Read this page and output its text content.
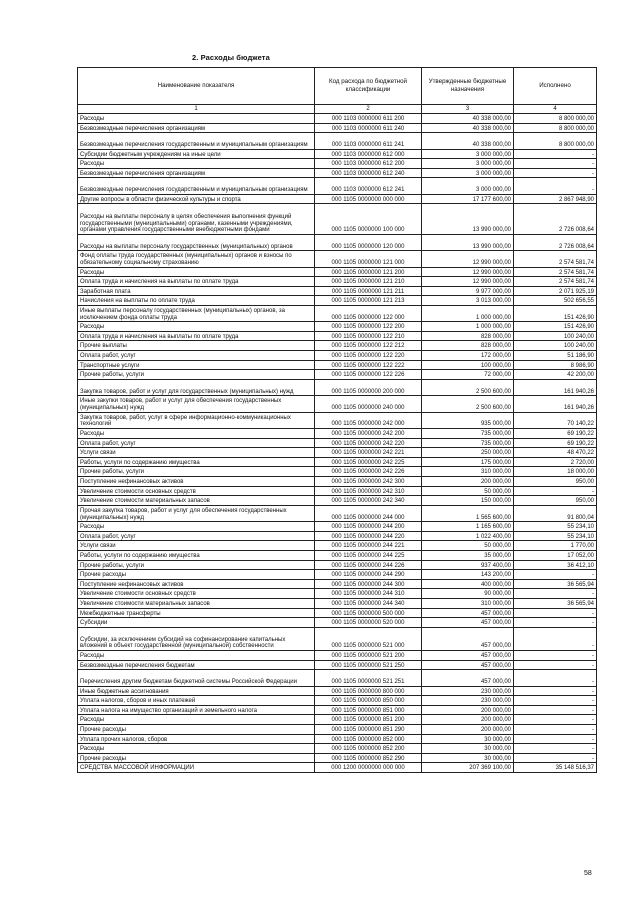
2. Расходы бюджета
Наименование показателя	Код расхода по бюджетной классификации	Утвержденные бюджетные назначения	Исполнено
1	2	3	4
Расходы	000 1103 0000000 611 200	40 338 000,00	8 800 000,00
Безвозмездные перечисления организациям	000 1103 0000000 611 240	40 338 000,00	8 800 000,00
Безвозмездные перечисления государственным и муниципальным организациям	000 1103 0000000 611 241	40 338 000,00	8 800 000,00
Субсидии бюджетным учреждениям на иные цели	000 1103 0000000 612 000	3 000 000,00	-
Расходы	000 1103 0000000 612 200	3 000 000,00	-
Безвозмездные перечисления организациям	000 1103 0000000 612 240	3 000 000,00	-
Безвозмездные перечисления государственным и муниципальным организациям	000 1103 0000000 612 241	3 000 000,00	-
Другие вопросы в области физической культуры и спорта	000 1105 0000000 000 000	17 177 600,00	2 867 948,90
Расходы на выплаты персоналу в целях обеспечения выполнения функций государственными (муниципальными) органами, казенными учреждениями, органами управления государственными внебюджетными фондами	000 1105 0000000 100 000	13 990 000,00	2 726 008,64
Расходы на выплаты персоналу государственных (муниципальных) органов	000 1105 0000000 120 000	13 990 000,00	2 726 008,64
Фонд оплаты труда государственных (муниципальных) органов и взносы по обязательному социальному страхованию	000 1105 0000000 121 000	12 990 000,00	2 574 581,74
Расходы	000 1105 0000000 121 200	12 990 000,00	2 574 581,74
Оплата труда и начисления на выплаты по оплате труда	000 1105 0000000 121 210	12 990 000,00	2 574 581,74
Заработная плата	000 1105 0000000 121 211	9 977 000,00	2 071 925,19
Начисления на выплаты по оплате труда	000 1105 0000000 121 213	3 013 000,00	502 656,55
Иные выплаты персоналу государственных (муниципальных) органов, за исключением фонда оплаты труда	000 1105 0000000 122 000	1 000 000,00	151 426,90
Расходы	000 1105 0000000 122 200	1 000 000,00	151 426,90
Оплата труда и начисления на выплаты по оплате труда	000 1105 0000000 122 210	828 000,00	100 240,00
Прочие выплаты	000 1105 0000000 122 212	828 000,00	100 240,00
Оплата работ, услуг	000 1105 0000000 122 220	172 000,00	51 186,90
Транспортные услуги	000 1105 0000000 122 222	100 000,00	8 986,90
Прочие работы, услуги	000 1105 0000000 122 226	72 000,00	42 200,00
Закупка товаров, работ и услуг для государственных (муниципальных) нужд	000 1105 0000000 200 000	2 500 600,00	161 940,26
Иные закупки товаров, работ и услуг для обеспечения государственных (муниципальных) нужд	000 1105 0000000 240 000	2 500 600,00	161 940,26
Закупка товаров, работ, услуг в сфере информационно-коммуникационных технологий	000 1105 0000000 242 000	935 000,00	70 140,22
Расходы	000 1105 0000000 242 200	735 000,00	69 190,22
Оплата работ, услуг	000 1105 0000000 242 220	735 000,00	69 190,22
Услуги связи	000 1105 0000000 242 221	250 000,00	48 470,22
Работы, услуги по содержанию имущества	000 1105 0000000 242 225	175 000,00	2 720,00
Прочие работы, услуги	000 1105 0000000 242 226	310 000,00	18 000,00
Поступление нефинансовых активов	000 1105 0000000 242 300	200 000,00	950,00
Увеличение стоимости основных средств	000 1105 0000000 242 310	50 000,00	-
Увеличение стоимости материальных запасов	000 1105 0000000 242 340	150 000,00	950,00
Прочая закупка товаров, работ и услуг для обеспечения государственных (муниципальных) нужд	000 1105 0000000 244 000	1 565 600,00	91 800,04
Расходы	000 1105 0000000 244 200	1 165 600,00	55 234,10
Оплата работ, услуг	000 1105 0000000 244 220	1 022 400,00	55 234,10
Услуги связи	000 1105 0000000 244 221	50 000,00	1 770,00
Работы, услуги по содержанию имущества	000 1105 0000000 244 225	35 000,00	17 052,00
Прочие работы, услуги	000 1105 0000000 244 226	937 400,00	36 412,10
Прочие расходы	000 1105 0000000 244 290	143 200,00	-
Поступление нефинансовых активов	000 1105 0000000 244 300	400 000,00	36 565,94
Увеличение стоимости основных средств	000 1105 0000000 244 310	90 000,00	-
Увеличение стоимости материальных запасов	000 1105 0000000 244 340	310 000,00	36 565,94
Межбюджетные трансферты	000 1105 0000000 500 000	457 000,00	-
Субсидии	000 1105 0000000 520 000	457 000,00	-
Субсидии, за исключением субсидий на софинансирование капитальных вложений в объект государственной (муниципальной) собственности	000 1105 0000000 521 000	457 000,00	-
Расходы	000 1105 0000000 521 200	457 000,00	-
Безвозмездные перечисления бюджетам	000 1105 0000000 521 250	457 000,00	-
Перечисления другим бюджетам бюджетной системы Российской Федерации	000 1105 0000000 521 251	457 000,00	-
Иные бюджетные ассигнования	000 1105 0000000 800 000	230 000,00	-
Уплата налогов, сборов и иных платежей	000 1105 0000000 850 000	230 000,00	-
Уплата налога на имущество организаций и земельного налога	000 1105 0000000 851 000	200 000,00	-
Расходы	000 1105 0000000 851 200	200 000,00	-
Прочие расходы	000 1105 0000000 851 290	200 000,00	-
Уплата прочих налогов, сборов	000 1105 0000000 852 000	30 000,00	-
Расходы	000 1105 0000000 852 200	30 000,00	-
Прочие расходы	000 1105 0000000 852 290	30 000,00	-
СРЕДСТВА МАССОВОЙ ИНФОРМАЦИИ	000 1200 0000000 000 000	207 369 100,00	35 148 516,37
58
